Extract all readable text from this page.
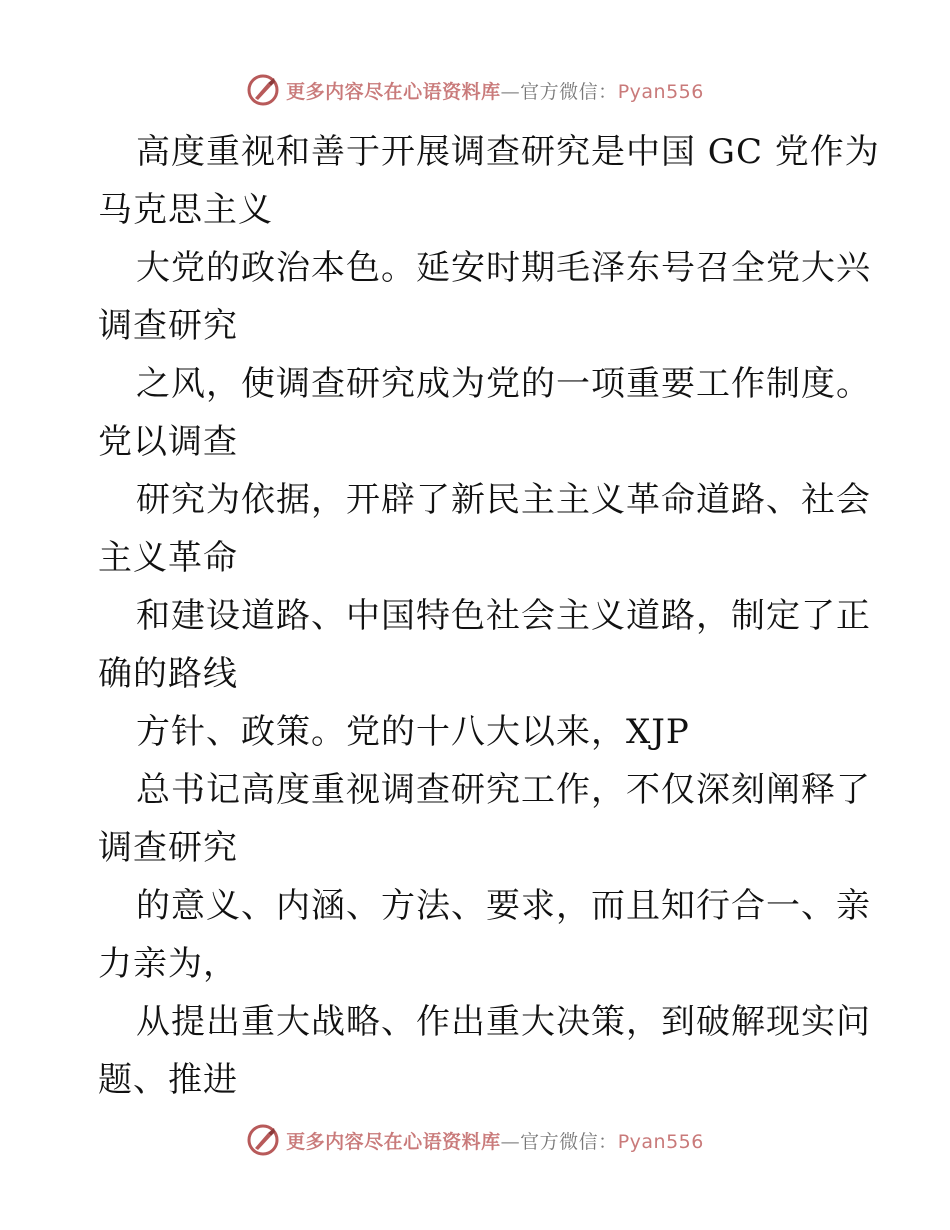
更多内容尽在心语资料库—官方微信：Pyan556

高度重视和善于开展调查研究是中国 GC 党作为
马克思主义

大党的政治本色。延安时期毛泽东号召全党大兴
调查研究

之风，使调查研究成为党的一项重要工作制度。
党以调查

研究为依据，开辟了新民主主义革命道路、社会
主义革命

和建设道路、中国特色社会主义道路，制定了正
确的路线

方针、政策。党的十八大以来，XJP

总书记高度重视调查研究工作，不仅深刻阐释了
调查研究

的意义、内涵、方法、要求，而且知行合一、亲
力亲为，

从提出重大战略、作出重大决策，到破解现实问
题、推进

更多内容尽在心语资料库—官方微信：Pyan556
